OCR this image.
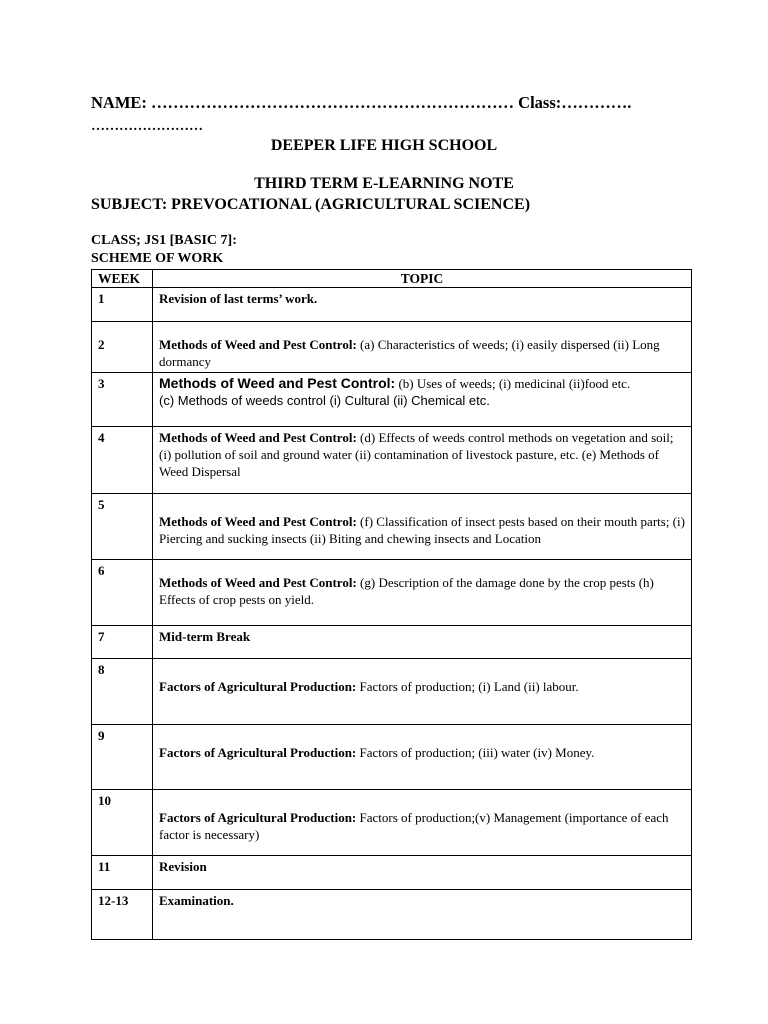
NAME: ………………………………………………………… Class:………….
……………………
DEEPER LIFE HIGH SCHOOL
THIRD TERM E-LEARNING NOTE
SUBJECT: PREVOCATIONAL (AGRICULTURAL SCIENCE)
CLASS; JS1 [BASIC 7]:
SCHEME OF WORK
WEEK	TOPIC
1	Revision of last terms’ work.
2	Methods of Weed and Pest Control: (a) Characteristics of weeds; (i) easily dispersed (ii) Long dormancy
3	Methods of Weed and Pest Control: (b) Uses of weeds; (i) medicinal (ii)food etc.
(c) Methods of weeds control (i) Cultural (ii) Chemical etc.
4	Methods of Weed and Pest Control: (d) Effects of weeds control methods on vegetation and soil; (i) pollution of soil and ground water (ii) contamination of livestock pasture, etc. (e) Methods of Weed Dispersal
5	Methods of Weed and Pest Control: (f) Classification of insect pests based on their mouth parts; (i) Piercing and sucking insects (ii) Biting and chewing insects and Location
6	Methods of Weed and Pest Control: (g) Description of the damage done by the crop pests (h) Effects of crop pests on yield.
7	Mid-term Break
8	Factors of Agricultural Production: Factors of production; (i) Land (ii) labour.
9	Factors of Agricultural Production: Factors of production; (iii) water (iv) Money.
10	Factors of Agricultural Production: Factors of production;(v) Management (importance of each factor is necessary)
11	Revision
12-13	Examination.
